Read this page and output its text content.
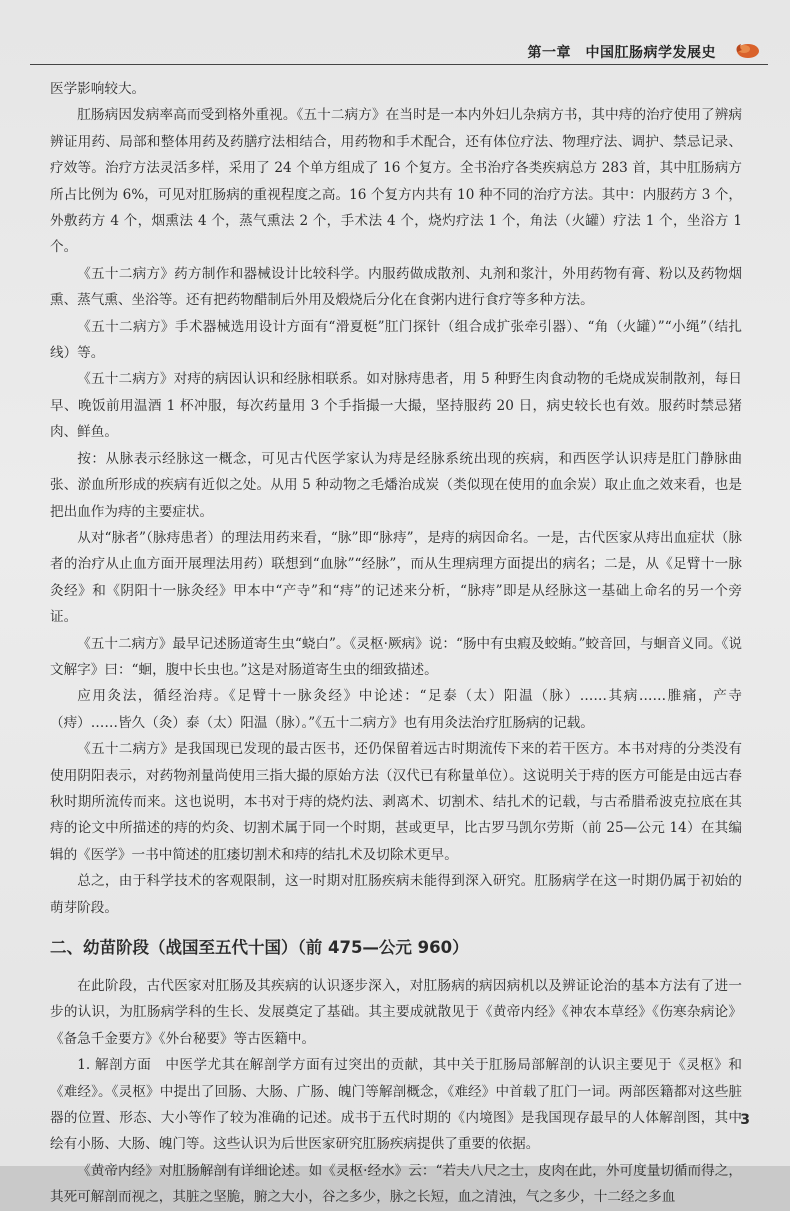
第一章　中国肛肠病学发展史

医学影响较大。

肛肠病因发病率高而受到格外重视。《五十二病方》在当时是一本内外妇儿杂病方书，其中痔的治疗使用了辨病辨证用药、局部和整体用药及药膳疗法相结合，用药物和手术配合，还有体位疗法、物理疗法、调护、禁忌记录、疗效等。治疗方法灵活多样，采用了 24 个单方组成了 16 个复方。全书治疗各类疾病总方 283 首，其中肛肠病方所占比例为 6%，可见对肛肠病的重视程度之高。16 个复方内共有 10 种不同的治疗方法。其中：内服药方 3 个，外敷药方 4 个，烟熏法 4 个，蒸气熏法 2 个，手术法 4 个，烧灼疗法 1 个，角法（火罐）疗法 1 个，坐浴方 1 个。

《五十二病方》药方制作和器械设计比较科学。内服药做成散剂、丸剂和浆汁，外用药物有膏、粉以及药物烟熏、蒸气熏、坐浴等。还有把药物醋制后外用及煅烧后分化在食粥内进行食疗等多种方法。

《五十二病方》手术器械选用设计方面有“滑夏梃”肛门探针（组合成扩张牵引器）、“角（火罐）”“小绳”（结扎线）等。

《五十二病方》对痔的病因认识和经脉相联系。如对脉痔患者，用 5 种野生肉食动物的毛烧成炭制散剂，每日早、晚饭前用温酒 1 杯冲服，每次药量用 3 个手指撮一大撮，坚持服药 20 日，病史较长也有效。服药时禁忌猪肉、鲜鱼。

按：从脉表示经脉这一概念，可见古代医学家认为痔是经脉系统出现的疾病，和西医学认识痔是肛门静脉曲张、淤血所形成的疾病有近似之处。从用 5 种动物之毛燔治成炭（类似现在使用的血余炭）取止血之效来看，也是把出血作为痔的主要症状。

从对“脉者”（脉痔患者）的理法用药来看，“脉”即“脉痔”，是痔的病因命名。一是，古代医家从痔出血症状（脉者的治疗从止血方面开展理法用药）联想到“血脉”“经脉”，而从生理病理方面提出的病名；二是，从《足臂十一脉灸经》和《阴阳十一脉灸经》甲本中“产寺”和“痔”的记述来分析，“脉痔”即是从经脉这一基础上命名的另一个旁证。

《五十二病方》最早记述肠道寄生虫“蛲白”。《灵枢·厥病》说：“肠中有虫瘕及蛟蛕。”蛟音回，与蛔音义同。《说文解字》曰：“蛔，腹中长虫也。”这是对肠道寄生虫的细致描述。

应用灸法，循经治痔。《足臂十一脉灸经》中论述：“足泰（太）阳温（脉）……其病……脽痛，产寺（痔）……皆久（灸）泰（太）阳温（脉）。”《五十二病方》也有用灸法治疗肛肠病的记载。

《五十二病方》是我国现已发现的最古医书，还仍保留着远古时期流传下来的若干医方。本书对痔的分类没有使用阴阳表示，对药物剂量尚使用三指大撮的原始方法（汉代已有称量单位）。这说明关于痔的医方可能是由远古春秋时期所流传而来。这也说明，本书对于痔的烧灼法、剥离术、切割术、结扎术的记载，与古希腊希波克拉底在其痔的论文中所描述的痔的灼灸、切割术属于同一个时期，甚或更早，比古罗马凯尔劳斯（前 25—公元 14）在其编辑的《医学》一书中简述的肛瘘切割术和痔的结扎术及切除术更早。

总之，由于科学技术的客观限制，这一时期对肛肠疾病未能得到深入研究。肛肠病学在这一时期仍属于初始的萌芽阶段。

二、幼苗阶段（战国至五代十国）（前 475—公元 960）

在此阶段，古代医家对肛肠及其疾病的认识逐步深入，对肛肠病的病因病机以及辨证论治的基本方法有了进一步的认识，为肛肠病学科的生长、发展奠定了基础。其主要成就散见于《黄帝内经》《神农本草经》《伤寒杂病论》《备急千金要方》《外台秘要》等古医籍中。

1. 解剖方面　中医学尤其在解剖学方面有过突出的贡献，其中关于肛肠局部解剖的认识主要见于《灵枢》和《难经》。《灵枢》中提出了回肠、大肠、广肠、魄门等解剖概念，《难经》中首载了肛门一词。两部医籍都对这些脏器的位置、形态、大小等作了较为准确的记述。成书于五代时期的《内境图》是我国现存最早的人体解剖图，其中绘有小肠、大肠、魄门等。这些认识为后世医家研究肛肠疾病提供了重要的依据。

《黄帝内经》对肛肠解剖有详细论述。如《灵枢·经水》云：“若夫八尺之士，皮肉在此，外可度量切循而得之，其死可解剖而视之，其脏之坚脆，腑之大小，谷之多少，脉之长短，血之清浊，气之多少，十二经之多血

3
